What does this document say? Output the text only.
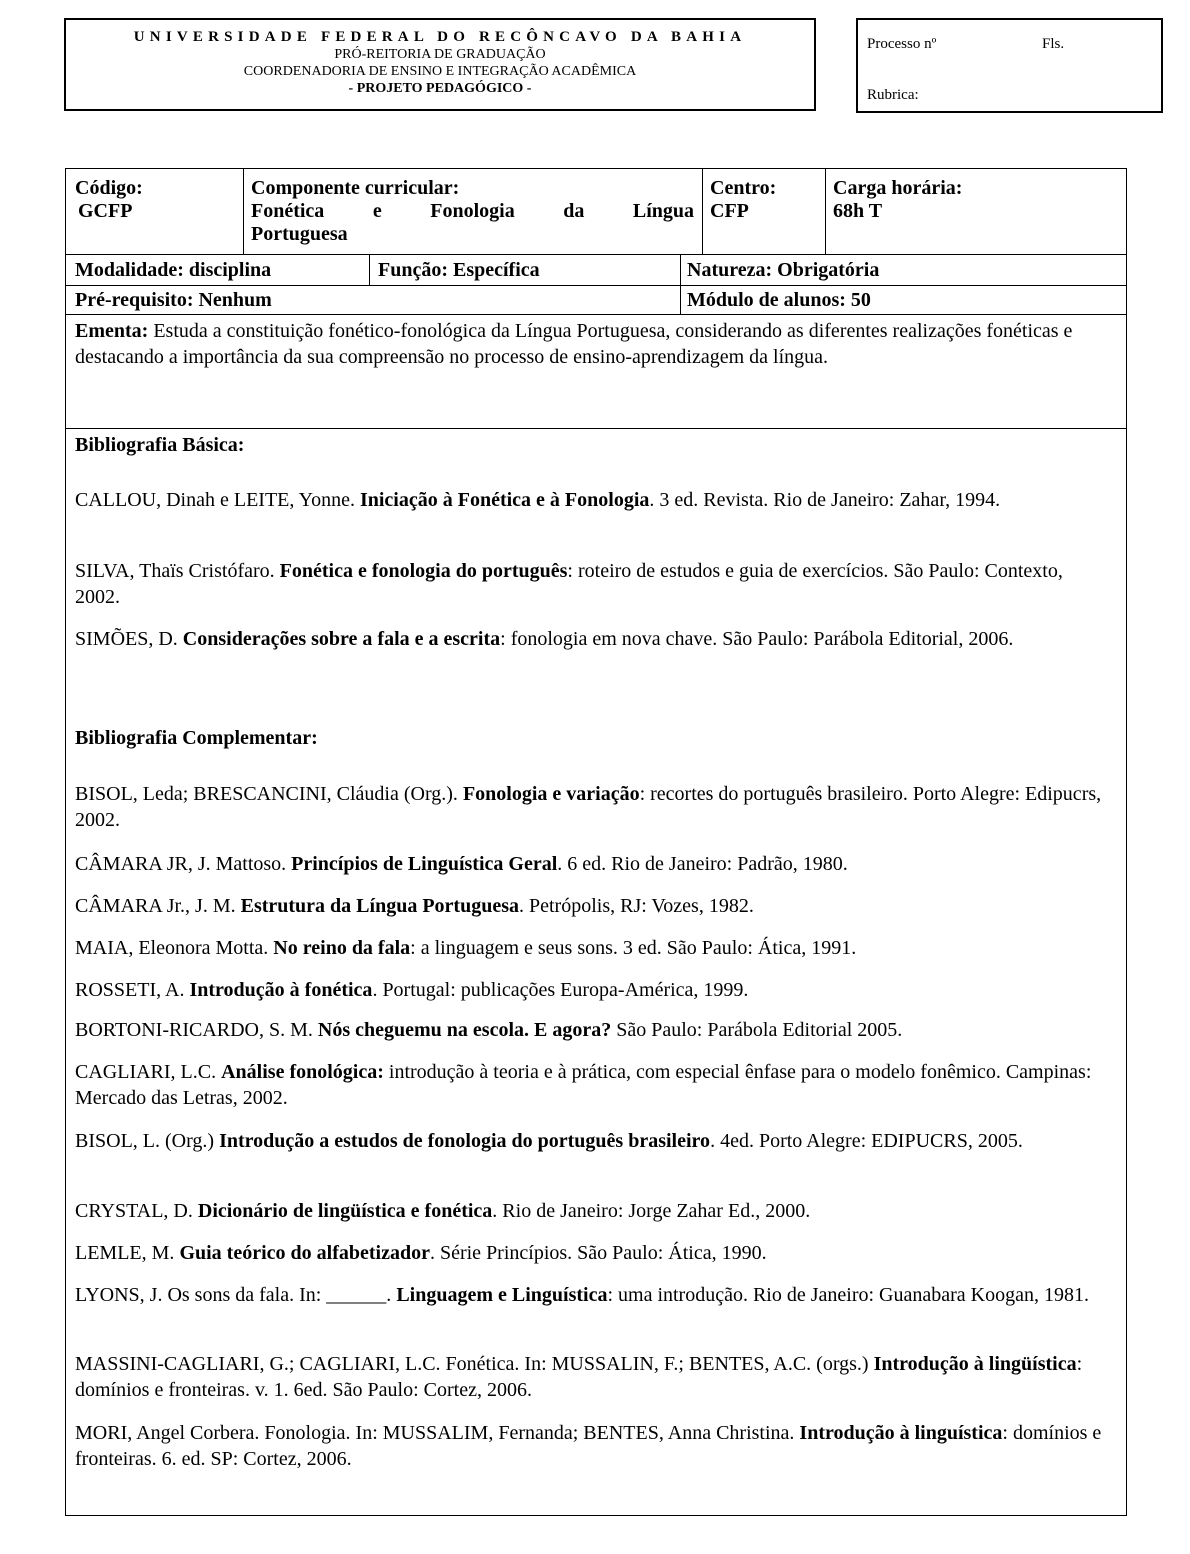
UNIVERSIDADE FEDERAL DO RECÔNCAVO DA BAHIA
PRÓ-REITORIA DE GRADUAÇÃO
COORDENADORIA DE ENSINO E INTEGRAÇÃO ACADÊMICA
- PROJETO PEDAGÓGICO -
Processo nº	Fls.
Rubrica:
Código:
GCFP
Componente curricular:
Fonética e Fonologia da Língua
Portuguesa
Centro:
CFP
Carga horária:
68h T
Modalidade: disciplina	Função: Específica	Natureza: Obrigatória
Pré-requisito: Nenhum	Módulo de alunos: 50
Ementa: Estuda a constituição fonético-fonológica da Língua Portuguesa, considerando as diferentes realizações fonéticas e destacando a importância da sua compreensão no processo de ensino-aprendizagem da língua.
Bibliografia Básica:

CALLOU, Dinah e LEITE, Yonne. Iniciação à Fonética e à Fonologia. 3 ed. Revista. Rio de Janeiro: Zahar, 1994.

SILVA, Thaïs Cristófaro. Fonética e fonologia do português: roteiro de estudos e guia de exercícios. São Paulo: Contexto, 2002.

SIMÕES, D. Considerações sobre a fala e a escrita: fonologia em nova chave. São Paulo: Parábola Editorial, 2006.

Bibliografia Complementar:

BISOL, Leda; BRESCANCINI, Cláudia (Org.). Fonologia e variação: recortes do português brasileiro. Porto Alegre: Edipucrs, 2002.

CÂMARA JR, J. Mattoso. Princípios de Linguística Geral. 6 ed. Rio de Janeiro: Padrão, 1980.

CÂMARA Jr., J. M. Estrutura da Língua Portuguesa. Petrópolis, RJ: Vozes, 1982.

MAIA, Eleonora Motta. No reino da fala: a linguagem e seus sons. 3 ed. São Paulo: Ática, 1991.

ROSSETI, A. Introdução à fonética. Portugal: publicações Europa-América, 1999.

BORTONI-RICARDO, S. M. Nós cheguemu na escola. E agora? São Paulo: Parábola Editorial 2005.

CAGLIARI, L.C. Análise fonológica: introdução à teoria e à prática, com especial ênfase para o modelo fonêmico. Campinas: Mercado das Letras, 2002.

BISOL, L. (Org.) Introdução a estudos de fonologia do português brasileiro. 4ed. Porto Alegre: EDIPUCRS, 2005.

CRYSTAL, D. Dicionário de lingüística e fonética. Rio de Janeiro: Jorge Zahar Ed., 2000.

LEMLE, M. Guia teórico do alfabetizador. Série Princípios. São Paulo: Ática, 1990.

LYONS, J. Os sons da fala. In: ______. Linguagem e Linguística: uma introdução. Rio de Janeiro: Guanabara Koogan, 1981.

MASSINI-CAGLIARI, G.; CAGLIARI, L.C. Fonética. In: MUSSALIN, F.; BENTES, A.C. (orgs.) Introdução à lingüística: domínios e fronteiras. v. 1. 6ed. São Paulo: Cortez, 2006.

MORI, Angel Corbera. Fonologia. In: MUSSALIM, Fernanda; BENTES, Anna Christina. Introdução à linguística: domínios e fronteiras. 6. ed. SP: Cortez, 2006.
